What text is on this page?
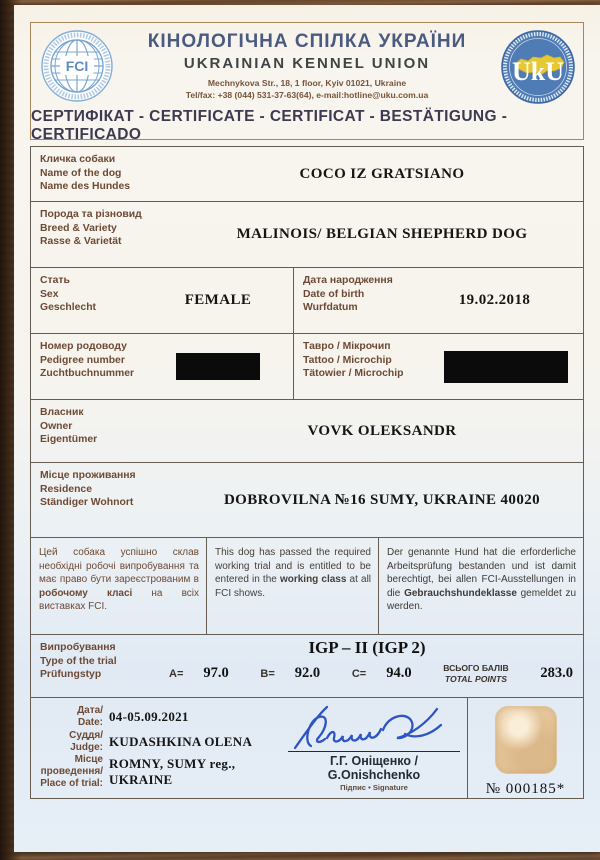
FCI
КІНОЛОГІЧНА СПІЛКА УКРАЇНИ
UKRAINIAN KENNEL UNION
Mechnykova Str., 18, 1 floor, Kyiv 01021, Ukraine
Tel/fax: +38 (044) 531-37-63(64), e-mail:hotline@uku.com.ua
UkU
СЕРТИФІКАТ - CERTIFICATE - CERTIFICAT - BESTÄTIGUNG - CERTIFICADO
Кличка собаки
Name of the dog
Name des Hundes
COCO IZ GRATSIANO
Порода та різновид
Breed & Variety
Rasse & Varietät	MALINOIS/ BELGIAN SHEPHERD DOG
Стать
Sex
Geschlecht	FEMALE
Дата народження
Date of birth
Wurfdatum	19.02.2018
Номер родоводу
Pedigree number
Zuchtbuchnummer
Тавро / Мікрочип
Tattoo / Microchip
Tätowier / Microchip
Власник
Owner
Eigentümer
VOVK OLEKSANDR
Місце проживання
Residence
Ständiger Wohnort	DOBROVILNA №16 SUMY, UKRAINE 40020
Цей собака успішно склав необхідні робочі випробування та має право бути зареєстрованим в робочому класі на всіх виставках FCI.
This dog has passed the required working trial and is entitled to be entered in the working class at all FCI shows.
Der genannte Hund hat die erforderliche Arbeitsprüfung bestanden und ist damit berechtigt, bei allen FCI-Ausstellungen in die Gebrauchshundeklasse gemeldet zu werden.
Випробування
Type of the trial
Prüfungstyp
IGP – II (IGP 2)
A= 97.0	B= 92.0	C= 94.0	ВСЬОГО БАЛІВ
TOTAL POINTS 283.0
Дата/
Date: 04-05.09.2021
Суддя/
Judge: KUDASHKINA OLENA
Місце
проведення/
Place of trial:
ROMNY, SUMY reg., UKRAINE
Г.Г. Оніщенко / G.Onishchenko
Підпис • Signature	№ 000185*
